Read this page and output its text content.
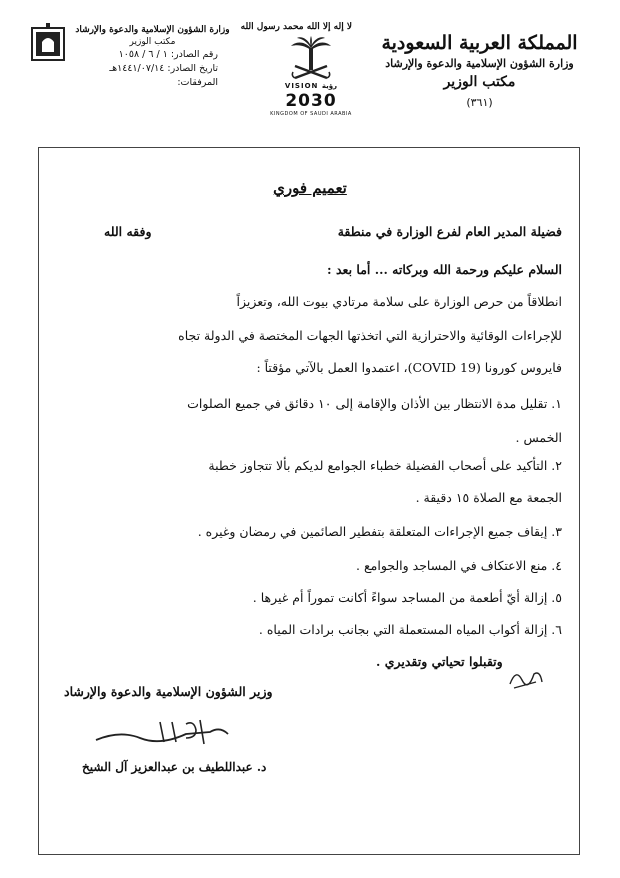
المملكة العربية السعودية
وزارة الشؤون الإسلامية والدعوة والإرشاد
مكتب الوزير
(٣٦١)
لا إله إلا الله محمد رسول الله
VISION رؤية
2030
KINGDOM OF SAUDI ARABIA
وزارة الشؤون الإسلامية والدعوة والإرشاد
مكتب الوزير
رقم الصادر: ١ / ٦ / ١٠٥٨
تاريخ الصادر: ١٤٤١/٠٧/١٤هـ
المرفقات:
تعميم فوري
فضيلة المدير العام لفرع الوزارة في منطقة
وفقه الله
السلام عليكم ورحمة الله وبركاته ... أما بعد :
انطلاقاً من حرص الوزارة على سلامة مرتادي بيوت الله، وتعزيزاً
للإجراءات الوقائية والاحترازية التي اتخذتها الجهات المختصة في الدولة تجاه
فايروس كورونا (COVID 19)، اعتمدوا العمل بالآتي مؤقتاً :
١. تقليل مدة الانتظار بين الأذان والإقامة إلى ١٠ دقائق في جميع الصلوات
الخمس .
٢. التأكيد على أصحاب الفضيلة خطباء الجوامع لديكم بألا تتجاوز خطبة
الجمعة مع الصلاة ١٥ دقيقة .
٣. إيقاف جميع الإجراءات المتعلقة بتفطير الصائمين في رمضان وغيره .
٤. منع الاعتكاف في المساجد والجوامع .
٥. إزالة أيّ أطعمة من المساجد سواءً أكانت تموراً أم غيرها .
٦. إزالة أكواب المياه المستعملة التي بجانب برادات المياه .
وتقبلوا تحياتي وتقديري .
وزير الشؤون الإسلامية والدعوة والإرشاد
د. عبداللطيف بن عبدالعزيز آل الشيخ
